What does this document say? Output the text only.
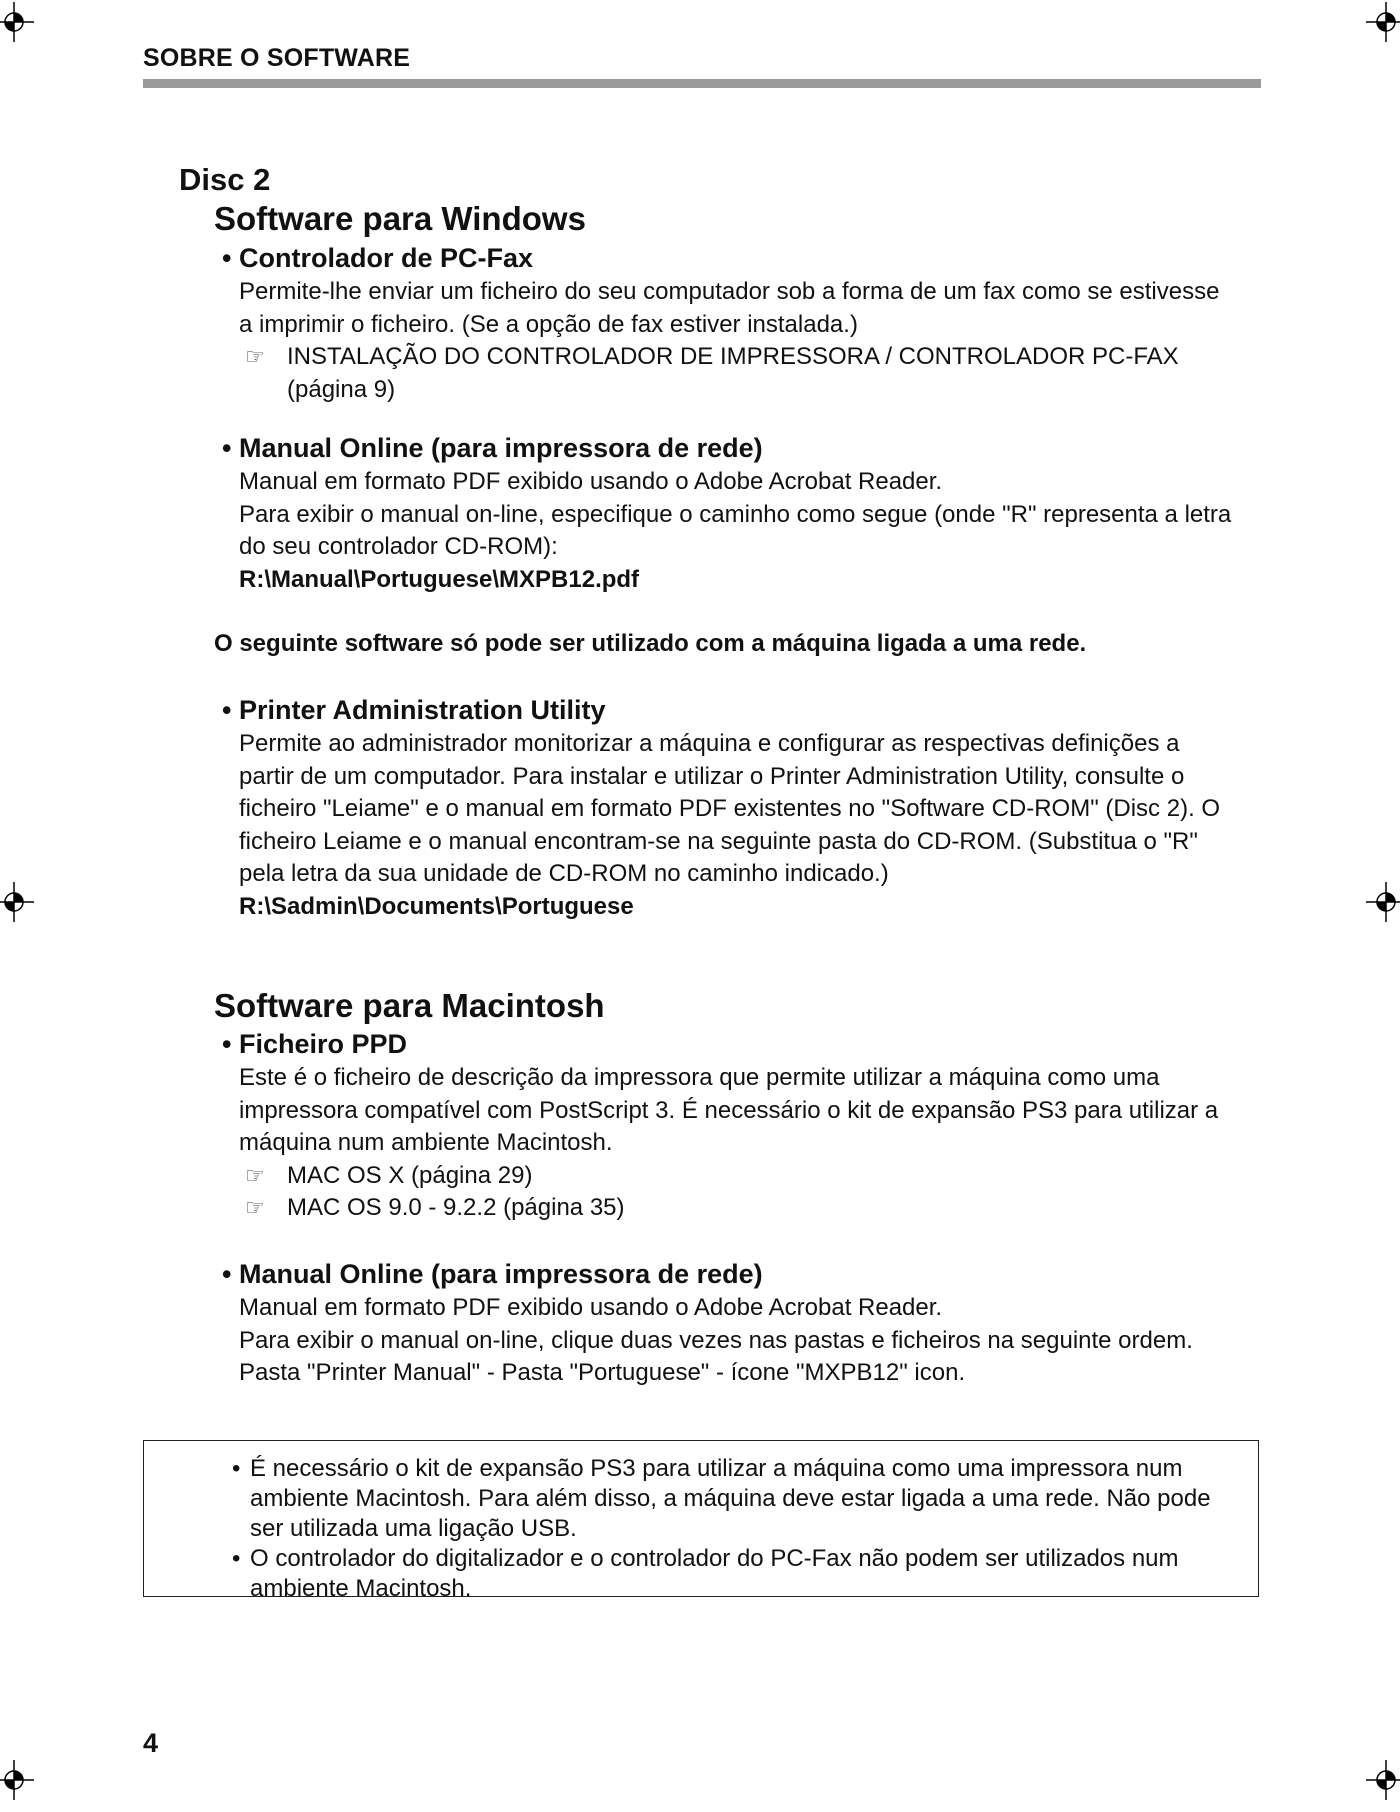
SOBRE O SOFTWARE
Disc 2
Software para Windows

• Controlador de PC-Fax

Permite-lhe enviar um ficheiro do seu computador sob a forma de um fax como se estivesse
a imprimir o ficheiro. (Se a opção de fax estiver instalada.)

☞ INSTALAÇÃO DO CONTROLADOR DE IMPRESSORA / CONTROLADOR PC-FAX
(página 9)

• Manual Online (para impressora de rede)

Manual em formato PDF exibido usando o Adobe Acrobat Reader.
Para exibir o manual on-line, especifique o caminho como segue (onde "R" representa a letra
do seu controlador CD-ROM):
R:\Manual\Portuguese\MXPB12.pdf

O seguinte software só pode ser utilizado com a máquina ligada a uma rede.

• Printer Administration Utility

Permite ao administrador monitorizar a máquina e configurar as respectivas definições a
partir de um computador. Para instalar e utilizar o Printer Administration Utility, consulte o
ficheiro "Leiame" e o manual em formato PDF existentes no "Software CD-ROM" (Disc 2). O
ficheiro Leiame e o manual encontram-se na seguinte pasta do CD-ROM. (Substitua o "R"
pela letra da sua unidade de CD-ROM no caminho indicado.)
R:\Sadmin\Documents\Portuguese

Software para Macintosh

• Ficheiro PPD

Este é o ficheiro de descrição da impressora que permite utilizar a máquina como uma
impressora compatível com PostScript 3. É necessário o kit de expansão PS3 para utilizar a
máquina num ambiente Macintosh.

☞ MAC OS X (página 29)
☞ MAC OS 9.0 - 9.2.2 (página 35)

• Manual Online (para impressora de rede)

Manual em formato PDF exibido usando o Adobe Acrobat Reader.
Para exibir o manual on-line, clique duas vezes nas pastas e ficheiros na seguinte ordem.
Pasta "Printer Manual" - Pasta "Portuguese" - ícone "MXPB12" icon.

• É necessário o kit de expansão PS3 para utilizar a máquina como uma impressora num
ambiente Macintosh. Para além disso, a máquina deve estar ligada a uma rede. Não pode
ser utilizada uma ligação USB.
• O controlador do digitalizador e o controlador do PC-Fax não podem ser utilizados num
ambiente Macintosh.
4
